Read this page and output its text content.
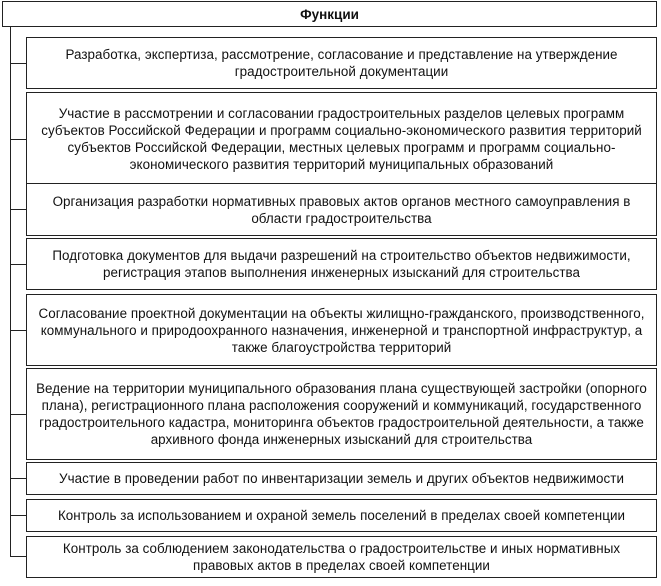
Функции
Разработка, экспертиза, рассмотрение, согласование и представление на утверждение градостроительной документации
Участие в рассмотрении и согласовании градостроительных разделов целевых программ субъектов Российской Федерации и программ социально-экономического развития территорий субъектов Российской Федерации, местных целевых программ и программ социально-экономического развития территорий муниципальных образований
Организация разработки нормативных правовых актов органов местного самоуправления в области градостроительства
Подготовка документов для выдачи разрешений на строительство объектов недвижимости, регистрация этапов выполнения инженерных изысканий для строительства
Согласование проектной документации на объекты жилищно-гражданского, производственного, коммунального и природоохранного назначения, инженерной и транспортной инфраструктур, а также благоустройства территорий
Ведение на территории муниципального образования плана существующей застройки (опорного плана), регистрационного плана расположения сооружений и коммуникаций, государственного градостроительного кадастра, мониторинга объектов градостроительной деятельности, а также архивного фонда инженерных изысканий для строительства
Участие в проведении работ по инвентаризации земель и других объектов недвижимости
Контроль за использованием и охраной земель поселений в пределах своей компетенции
Контроль за соблюдением законодательства о градостроительстве и иных нормативных правовых актов в пределах своей компетенции
